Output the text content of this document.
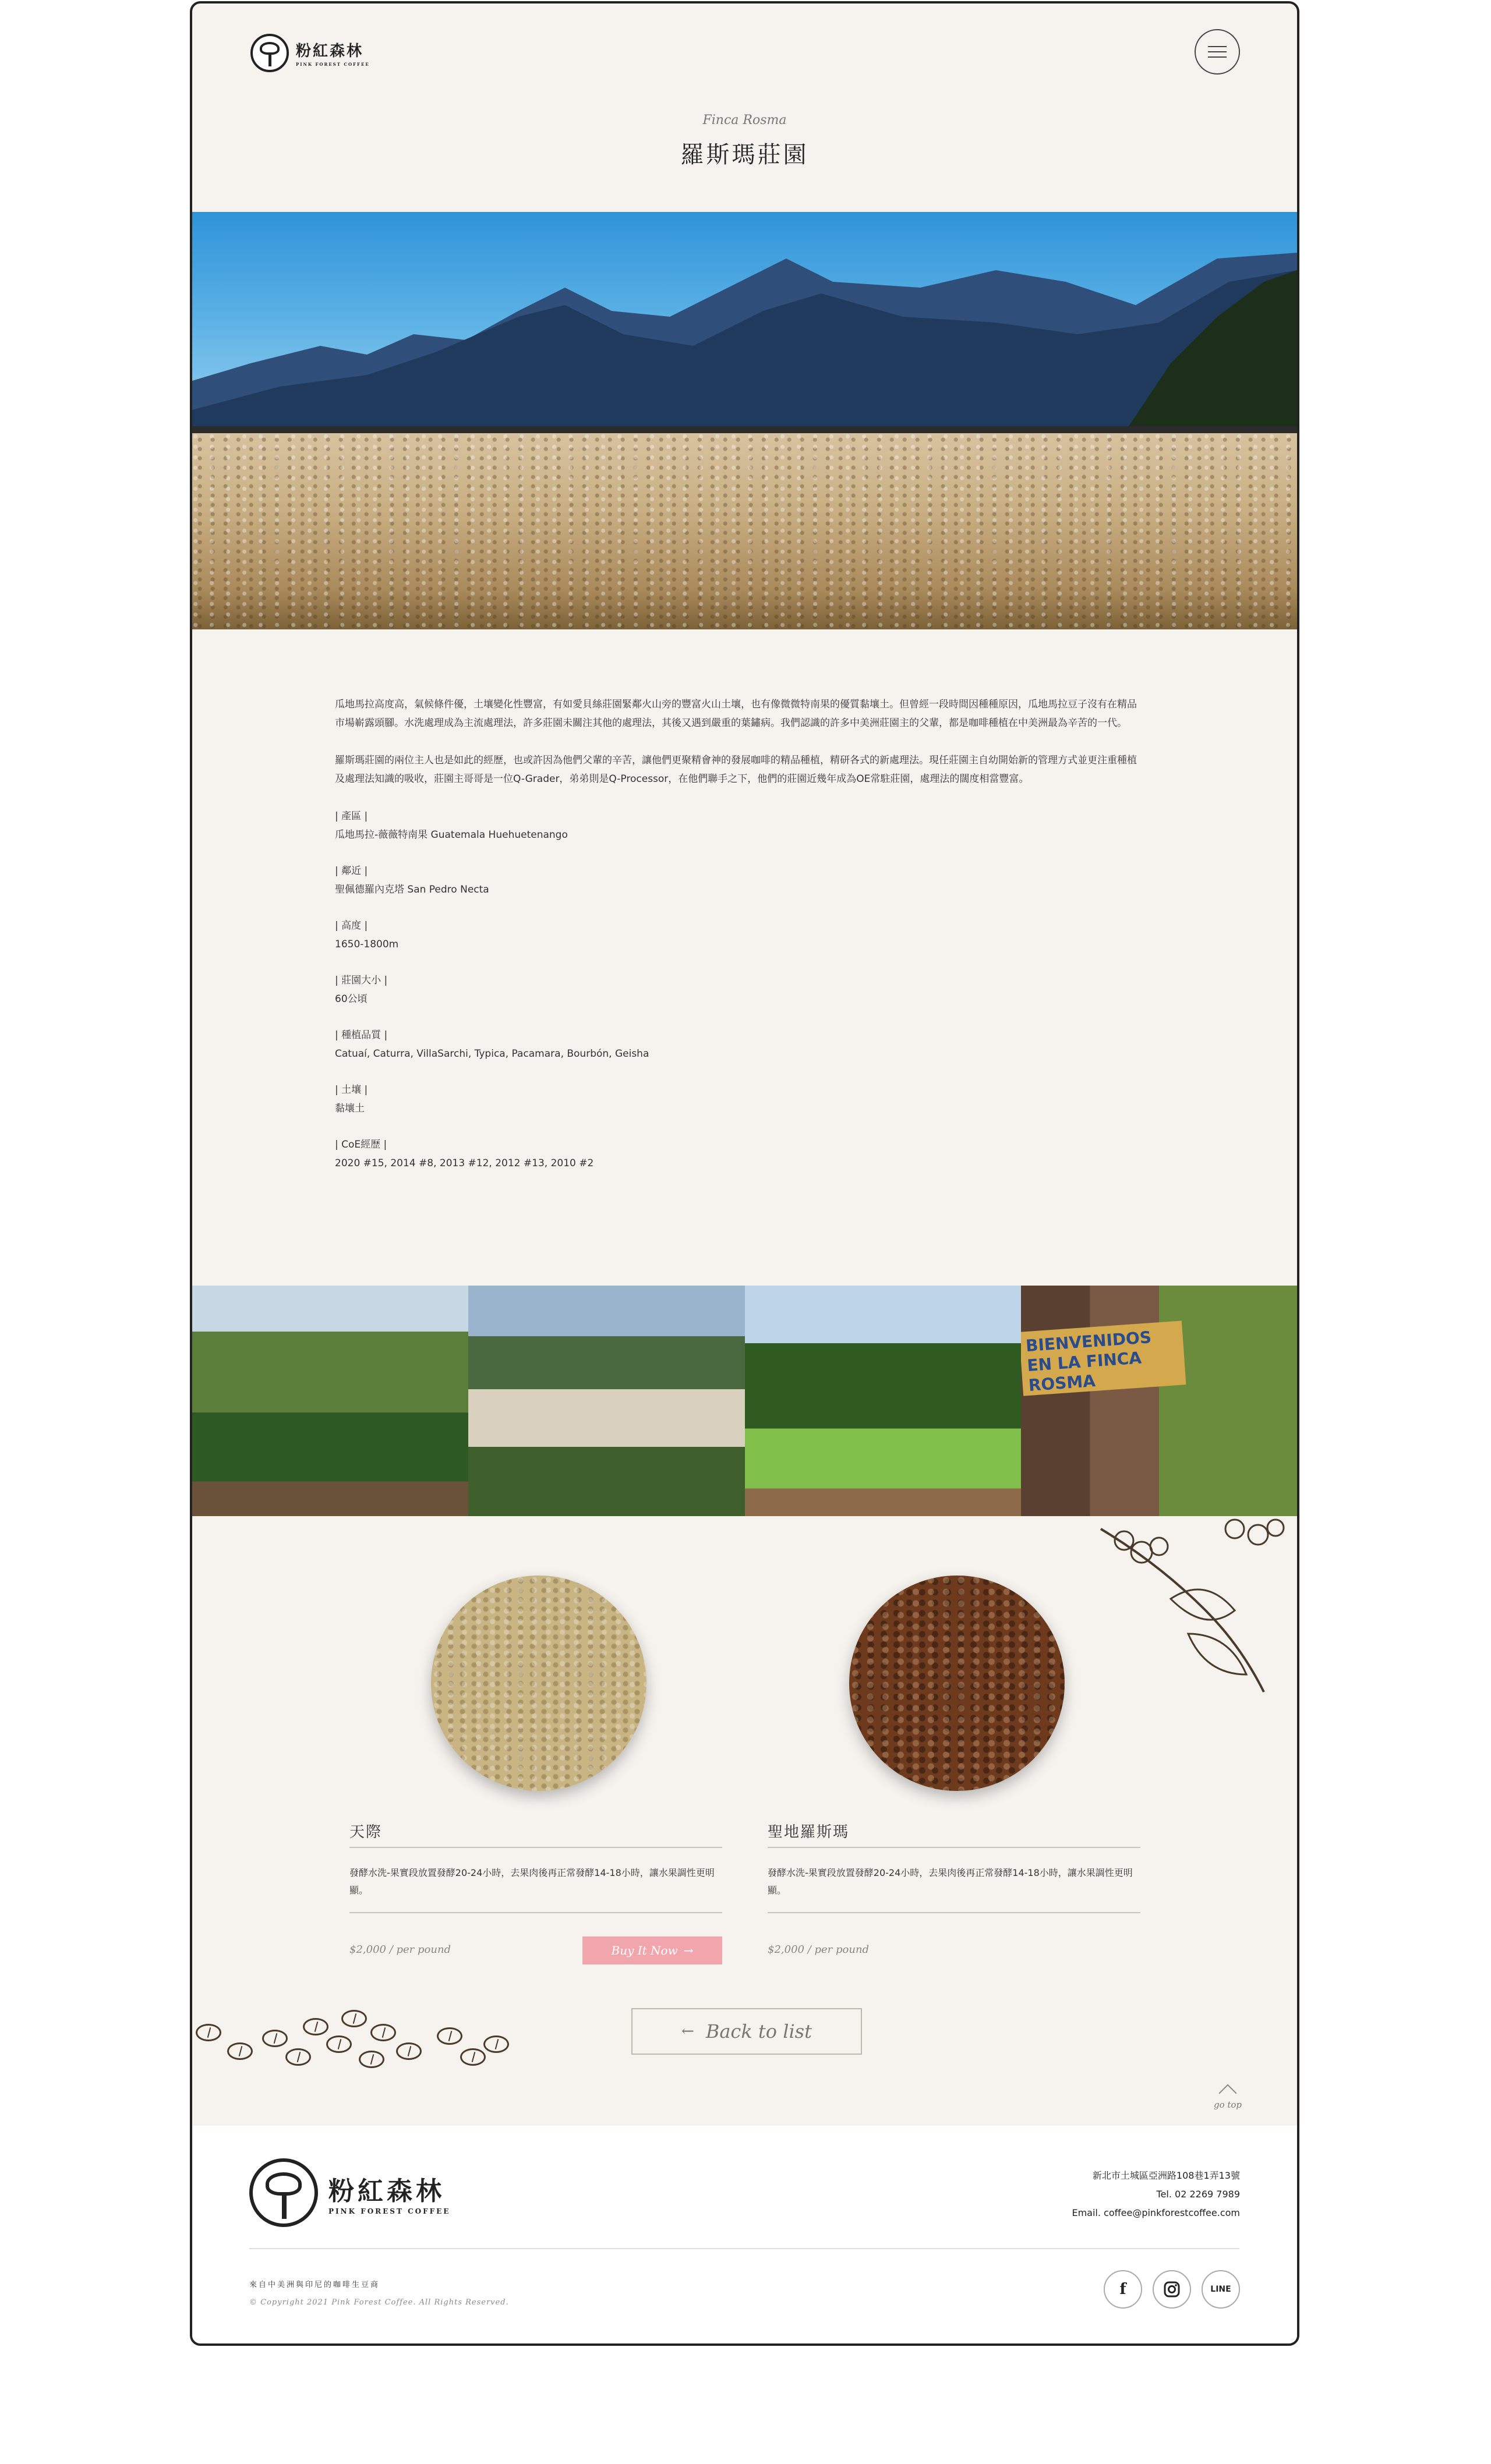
粉紅森林
PINK FOREST COFFEE
Finca Rosma
羅斯瑪莊園

瓜地馬拉高度高，氣候條件優，土壤變化性豐富，有如愛貝絲莊園緊鄰火山旁的豐富火山土壤，也有像微微特南果的優質黏壤土。但曾經一段時間因種種原因，瓜地馬拉豆子沒有在精品市場嶄露頭腳。水洗處理成為主流處理法，許多莊園未關注其他的處理法，其後又遇到嚴重的葉鏽病。我們認識的許多中美洲莊園主的父輩，都是咖啡種植在中美洲最為辛苦的一代。

羅斯瑪莊園的兩位主人也是如此的經歷，也或許因為他們父輩的辛苦，讓他們更聚精會神的發展咖啡的精品種植，精研各式的新處理法。現任莊園主自幼開始新的管理方式並更注重種植及處理法知識的吸收，莊園主哥哥是一位Q-Grader，弟弟則是Q-Processor，在他們聯手之下，他們的莊園近幾年成為OE常駐莊園，處理法的闊度相當豐富。

| 產區 |
瓜地馬拉-薇薇特南果 Guatemala Huehuetenango
| 鄰近 |
聖佩德羅內克塔 San Pedro Necta
| 高度 |
1650-1800m
| 莊園大小 |
60公頃
| 種植品質 |
Catuaí, Caturra, VillaSarchi, Typica, Pacamara, Bourbón, Geisha
| 土壤 |
黏壤土
| CoE經歷 |
2020 #15, 2014 #8, 2013 #12, 2012 #13, 2010 #2
BIENVENIDOS EN LA FINCA ROSMA
天際
發酵水洗-果實段放置發酵20-24小時，去果肉後再正常發酵14-18小時，讓水果調性更明顯。
$2,000 / per pound	Buy It Now →
聖地羅斯瑪
發酵水洗-果實段放置發酵20-24小時，去果肉後再正常發酵14-18小時，讓水果調性更明顯。
$2,000 / per pound
← Back to list
go top
粉紅森林
PINK FOREST COFFEE
新北市土城區亞洲路108巷1弄13號
Tel. 02 2269 7989
Email. coffee@pinkforestcoffee.com
來自中美洲與印尼的咖啡生豆商
© Copyright 2021 Pink Forest Coffee. All Rights Reserved.
f	LINE
